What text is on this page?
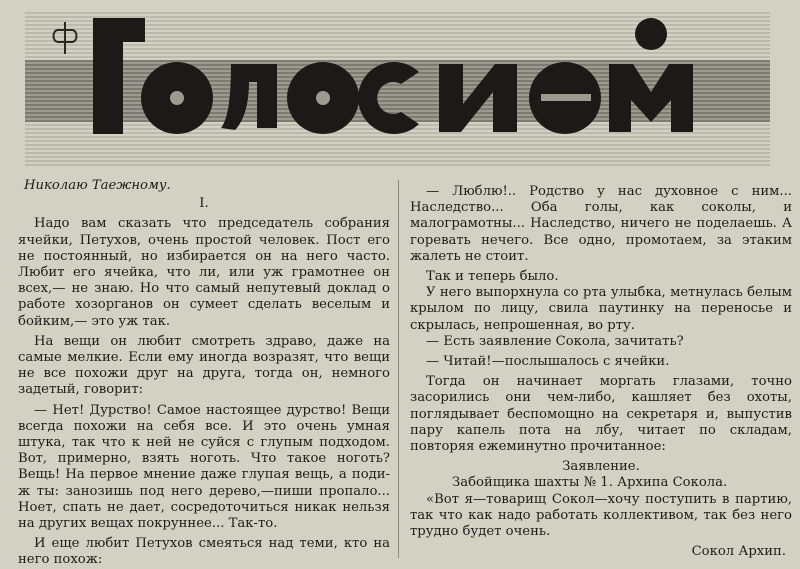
Николаю Таежному.

I.

Надо вам сказать что председатель собрания ячейки, Петухов, очень простой человек. Пост его не постоянный, но избирается он на него часто. Любит его ячейка, что ли, или уж грамотнее он всех,— не знаю. Но что самый непутевый доклад о работе хозорганов он сумеет сделать веселым и бойким,— это уж так.

На вещи он любит смотреть здраво, даже на самые мелкие. Если ему иногда возразят, что вещи не все похожи друг на друга, тогда он, немного задетый, говорит:

— Нет! Дурство! Самое настоящее дурство! Вещи всегда похожи на себя все. И это очень умная штука, так что к ней не суйся с глупым подходом. Вот, примерно, взять ноготь. Что такое ноготь? Вещь! На первое мнение даже глупая вещь, а поди-ж ты: занозишь под него дерево,—пиши пропало... Ноет, спать не дает, сосредоточиться никак нельзя на других вещах покруннее... Так-то.

И еще любит Петухов смеяться над теми, кто на него похож:

— Люблю!.. Родство у нас духовное с ним... Наследство... Оба голы, как соколы, и малограмотны... Наследство, ничего не поделаешь. А горевать нечего. Все одно, промотаем, за этаким жалеть не стоит.

Так и теперь было.

У него выпорхнула со рта улыбка, метнулась белым крылом по лицу, свила паутинку на переносье и скрылась, непрошенная, во рту.

— Есть заявление Сокола, зачитать?

— Читай!—послышалось с ячейки.

Тогда он начинает моргать глазами, точно засорились они чем-либо, кашляет без охоты, поглядывает беспомощно на секретаря и, выпустив пару капель пота на лбу, читает по складам, повторяя ежеминутно прочитанное:

Заявление.

Забойщика шахты № 1. Архипа Сокола.

«Вот я—товарищ Сокол—хочу поступить в партию, так что как надо работать коллективом, так без него трудно будет очень.

Сокол Архип.
